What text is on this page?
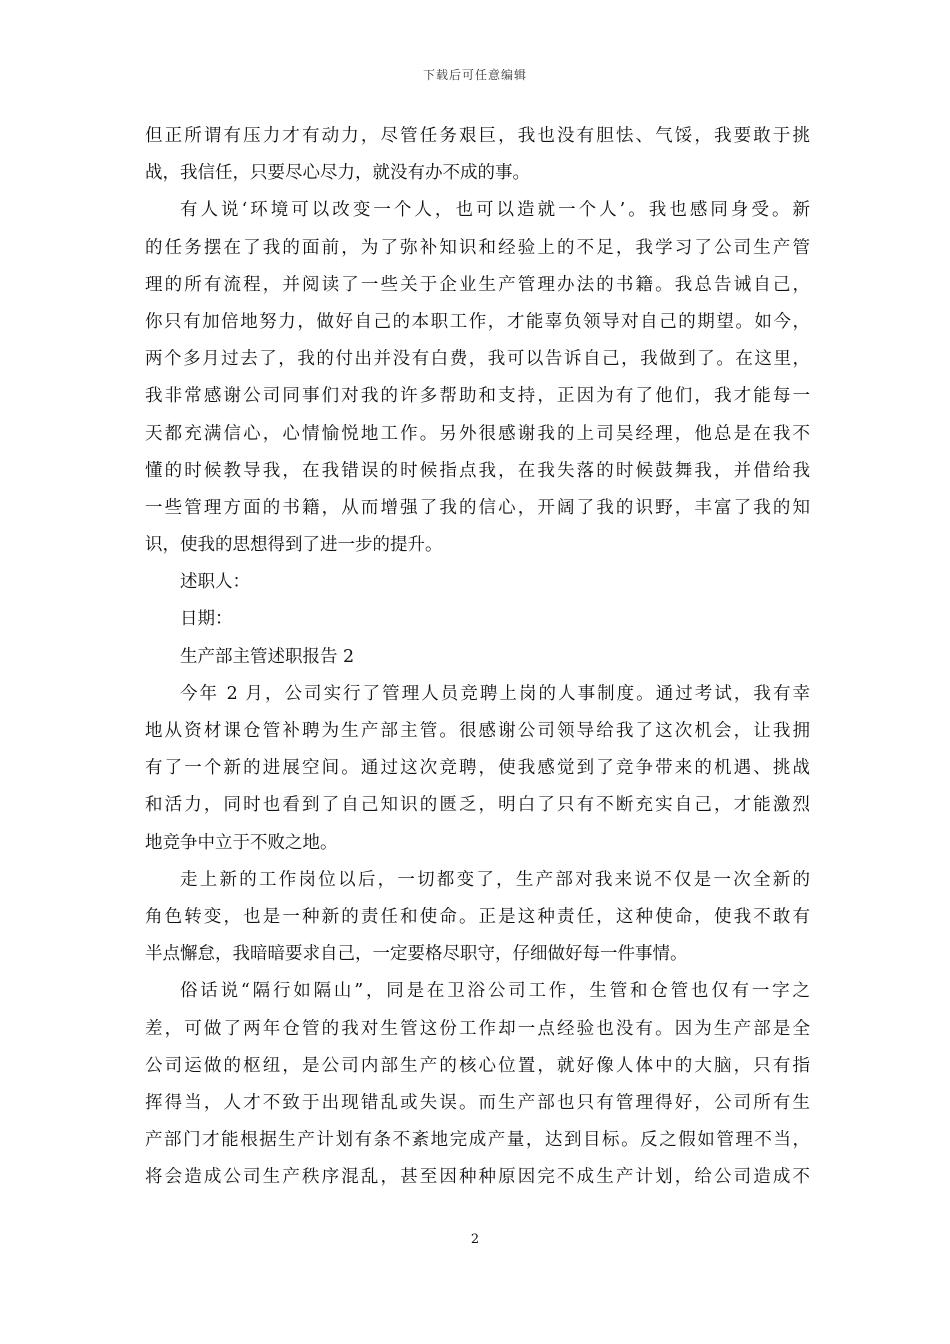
下载后可任意编辑
但正所谓有压力才有动力，尽管任务艰巨，我也没有胆怯、气馁，我要敢于挑
战，我信任，只要尽心尽力，就没有办不成的事。
有人说‘环境可以改变一个人，也可以造就一个人’。我也感同身受。新
的任务摆在了我的面前，为了弥补知识和经验上的不足，我学习了公司生产管
理的所有流程，并阅读了一些关于企业生产管理办法的书籍。我总告诫自己，
你只有加倍地努力，做好自己的本职工作，才能辜负领导对自己的期望。如今，
两个多月过去了，我的付出并没有白费，我可以告诉自己，我做到了。在这里，
我非常感谢公司同事们对我的许多帮助和支持，正因为有了他们，我才能每一
天都充满信心，心情愉悦地工作。另外很感谢我的上司吴经理，他总是在我不
懂的时候教导我，在我错误的时候指点我，在我失落的时候鼓舞我，并借给我
一些管理方面的书籍，从而增强了我的信心，开阔了我的识野，丰富了我的知
识，使我的思想得到了进一步的提升。
述职人：
日期：
生产部主管述职报告 2
今年 2 月，公司实行了管理人员竞聘上岗的人事制度。通过考试，我有幸
地从资材课仓管补聘为生产部主管。很感谢公司领导给我了这次机会，让我拥
有了一个新的进展空间。通过这次竞聘，使我感觉到了竞争带来的机遇、挑战
和活力，同时也看到了自己知识的匮乏，明白了只有不断充实自己，才能激烈
地竞争中立于不败之地。
走上新的工作岗位以后，一切都变了，生产部对我来说不仅是一次全新的
角色转变，也是一种新的责任和使命。正是这种责任，这种使命，使我不敢有
半点懈怠，我暗暗要求自己，一定要格尽职守，仔细做好每一件事情。
俗话说“隔行如隔山”，同是在卫浴公司工作，生管和仓管也仅有一字之
差，可做了两年仓管的我对生管这份工作却一点经验也没有。因为生产部是全
公司运做的枢纽，是公司内部生产的核心位置，就好像人体中的大脑，只有指
挥得当，人才不致于出现错乱或失误。而生产部也只有管理得好，公司所有生
产部门才能根据生产计划有条不紊地完成产量，达到目标。反之假如管理不当，
将会造成公司生产秩序混乱，甚至因种种原因完不成生产计划，给公司造成不
2
